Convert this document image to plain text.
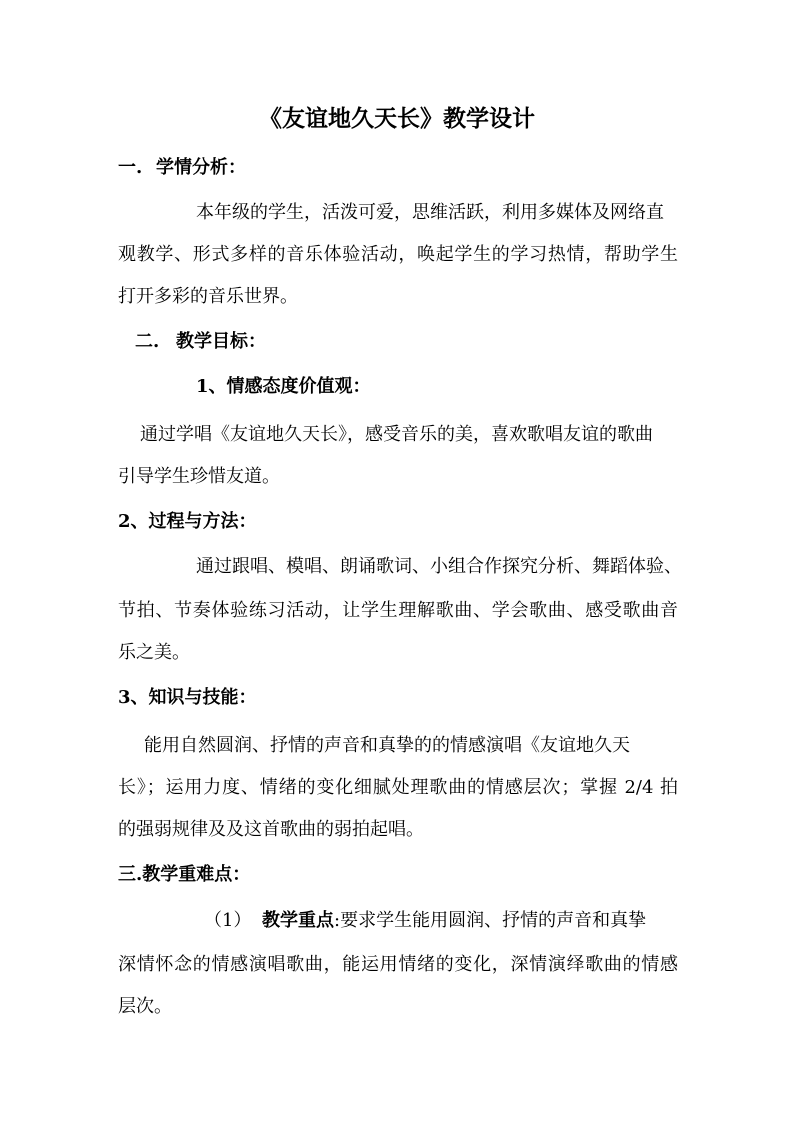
《友谊地久天长》教学设计
一. 学情分析：
本年级的学生，活泼可爱，思维活跃，利用多媒体及网络直
观教学、形式多样的音乐体验活动，唤起学生的学习热情，帮助学生
打开多彩的音乐世界。
二. 教学目标：
1、情感态度价值观：
通过学唱《友谊地久天长》，感受音乐的美，喜欢歌唱友谊的歌曲
引导学生珍惜友道。
2、过程与方法：
通过跟唱、模唱、朗诵歌词、小组合作探究分析、舞蹈体验、
节拍、节奏体验练习活动，让学生理解歌曲、学会歌曲、感受歌曲音
乐之美。
3、知识与技能：
能用自然圆润、抒情的声音和真挚的的情感演唱《友谊地久天
长》；运用力度、情绪的变化细腻处理歌曲的情感层次；掌握 2/4 拍
的强弱规律及及这首歌曲的弱拍起唱。
三.教学重难点：
（1） 教学重点:要求学生能用圆润、抒情的声音和真挚
深情怀念的情感演唱歌曲，能运用情绪的变化，深情演绎歌曲的情感
层次。
